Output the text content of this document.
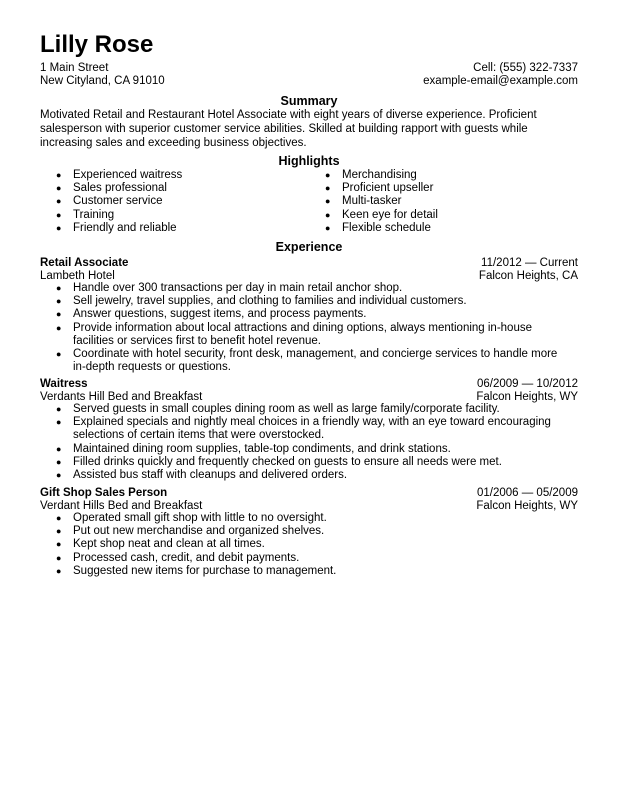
Lilly Rose
1 Main Street
New Cityland, CA 91010
Cell: (555) 322-7337
example-email@example.com
Summary

Motivated Retail and Restaurant Hotel Associate with eight years of diverse experience. Proficient salesperson with superior customer service abilities. Skilled at building rapport with guests while increasing sales and exceeding business objectives.

Highlights
● Experienced waitress
● Sales professional
● Customer service
● Training
● Friendly and reliable
● Merchandising
● Proficient upseller
● Multi-tasker
● Keen eye for detail
● Flexible schedule
Experience
Retail Associate	11/2012 — Current
Lambeth Hotel	Falcon Heights, CA
● Handle over 300 transactions per day in main retail anchor shop.
● Sell jewelry, travel supplies, and clothing to families and individual customers.
● Answer questions, suggest items, and process payments.
● Provide information about local attractions and dining options, always mentioning in-house facilities or services first to benefit hotel revenue.
● Coordinate with hotel security, front desk, management, and concierge services to handle more in-depth requests or questions.
Waitress	06/2009 — 10/2012
Verdants Hill Bed and Breakfast	Falcon Heights, WY
● Served guests in small couples dining room as well as large family/corporate facility.
● Explained specials and nightly meal choices in a friendly way, with an eye toward encouraging selections of certain items that were overstocked.
● Maintained dining room supplies, table-top condiments, and drink stations.
● Filled drinks quickly and frequently checked on guests to ensure all needs were met.
● Assisted bus staff with cleanups and delivered orders.
Gift Shop Sales Person	01/2006 — 05/2009
Verdant Hills Bed and Breakfast	Falcon Heights, WY
● Operated small gift shop with little to no oversight.
● Put out new merchandise and organized shelves.
● Kept shop neat and clean at all times.
● Processed cash, credit, and debit payments.
● Suggested new items for purchase to management.
